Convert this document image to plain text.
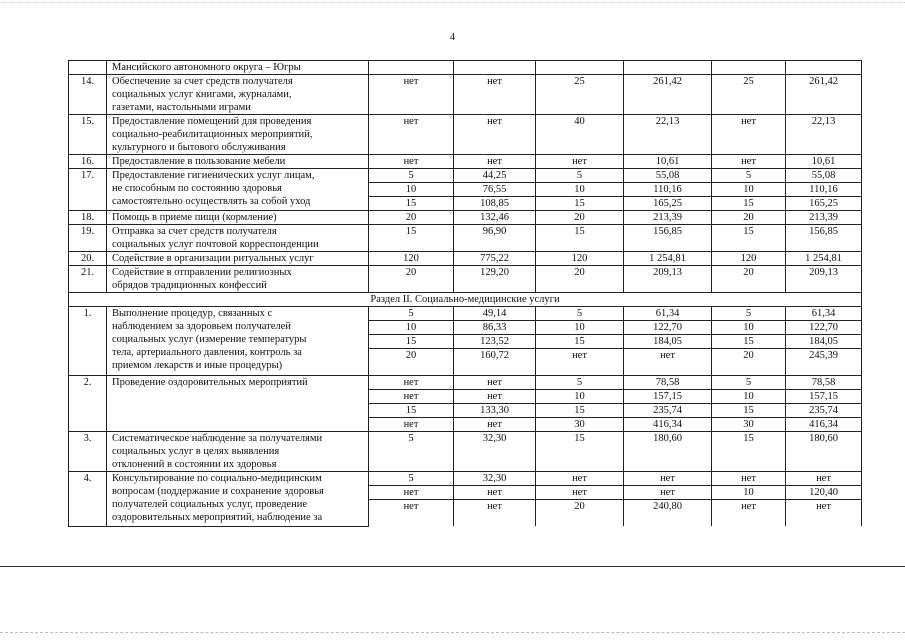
4

	Мансийского автономного округа – Югры						

14.	Обеспечение за счет средств получателя
социальных услуг книгами, журналами,
газетами, настольными играми	нет	нет	25	261,42	25	261,42
15.	Предоставление помещений для проведения
социально-реабилитационных мероприятий,
культурного и бытового обслуживания	нет	нет	40	22,13	нет	22,13
16.	Предоставление в пользование мебели	нет	нет	нет	10,61	нет	10,61
17.	Предоставление гигиенических услуг лицам,
не способным по состоянию здоровья
самостоятельно осуществлять за собой уход	5	44,25	5	55,08	5	55,08
		10	76,55	10	110,16	10	110,16
		15	108,85	15	165,25	15	165,25
18.	Помощь в приеме пищи (кормление)	20	132,46	20	213,39	20	213,39
19.	Отправка за счет средств получателя
социальных услуг почтовой корреспонденции	15	96,90	15	156,85	15	156,85
20.	Содействие в организации ритуальных услуг	120	775,22	120	1 254,81	120	1 254,81
21.	Содействие в отправлении религиозных
обрядов традиционных конфессий	20	129,20	20	209,13	20	209,13
Раздел II. Социально-медицинские услуги							
1.	Выполнение процедур, связанных с
наблюдением за здоровьем получателей
социальных услуг (измерение температуры
тела, артериального давления, контроль за
приемом лекарств и иные процедуры)	5	49,14	5	61,34	5	61,34
		10	86,33	10	122,70	10	122,70
		15	123,52	15	184,05	15	184,05
		20	160,72	нет	нет	20	245,39
2.	Проведение оздоровительных мероприятий	нет	нет	5	78,58	5	78,58
		нет	нет	10	157,15	10	157,15
		15	133,30	15	235,74	15	235,74
		нет	нет	30	416,34	30	416,34
3.	Систематическое наблюдение за получателями
социальных услуг в целях выявления
отклонений в состоянии их здоровья	5	32,30	15	180,60	15	180,60
4.	Консультирование по социально-медицинским
вопросам (поддержание и сохранение здоровья
получателей социальных услуг, проведение
оздоровительных мероприятий, наблюдение за	5	32,30	нет	нет	нет	нет
		нет	нет	нет	нет	10	120,40
		нет	нет	20	240,80	нет	нет
